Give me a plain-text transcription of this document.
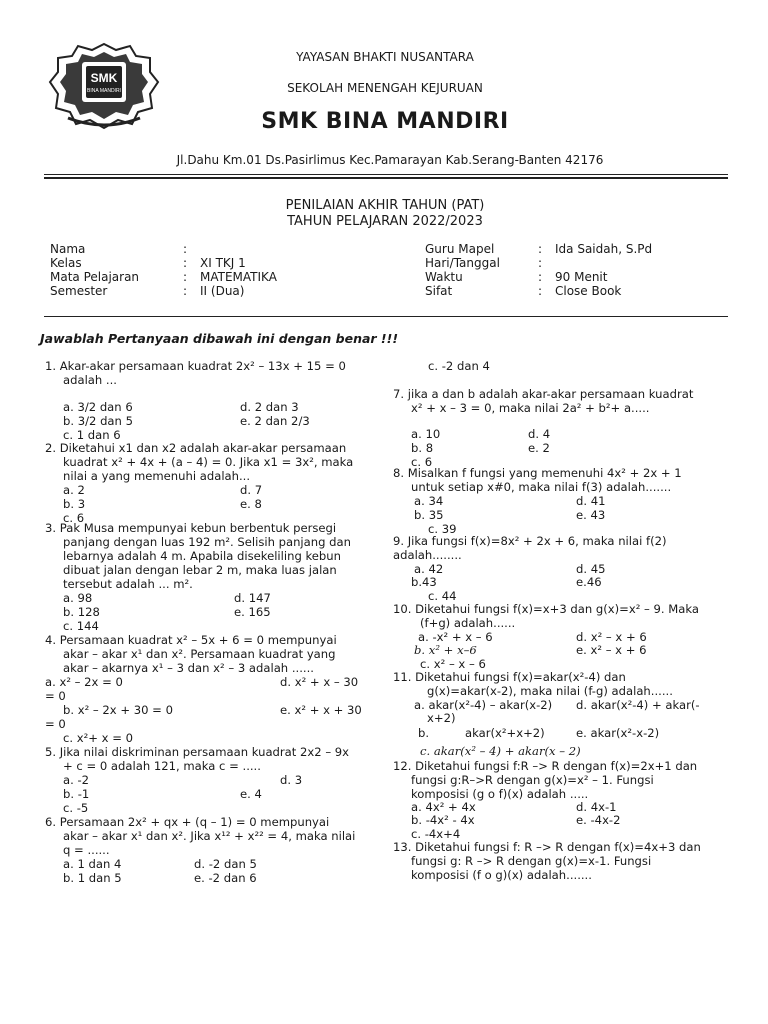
SMK
BINA MANDIRI
YAYASAN BHAKTI NUSANTARA
SEKOLAH MENENGAH KEJURUAN
SMK BINA MANDIRI
Jl.Dahu Km.01 Ds.Pasirlimus Kec.Pamarayan Kab.Serang-Banten 42176
PENILAIAN AKHIR TAHUN (PAT)
TAHUN PELAJARAN 2022/2023
Nama	:
Kelas	: XI TKJ 1
Mata Pelajaran	: MATEMATIKA
Semester	: II (Dua)
Guru Mapel	: Ida Saidah, S.Pd
Hari/Tanggal	:
Waktu	: 90 Menit
Sifat	: Close Book
Jawablah Pertanyaan dibawah ini dengan benar !!!
1. Akar-akar persamaan kuadrat 2x² – 13x + 15 = 0
adalah ...
a. 3/2 dan 6	d. 2 dan 3
b. 3/2 dan 5	e. 2 dan 2/3
c. 1 dan 6
2. Diketahui x1 dan x2 adalah akar-akar persamaan
kuadrat x² + 4x + (a – 4) = 0. Jika x1 = 3x², maka
nilai a yang memenuhi adalah...
a. 2	d. 7
b. 3	e. 8
c. 6
3. Pak Musa mempunyai kebun berbentuk persegi
panjang dengan luas 192 m². Selisih panjang dan
lebarnya adalah 4 m. Apabila disekeliling kebun
dibuat jalan dengan lebar 2 m, maka luas jalan
tersebut adalah ... m².
a. 98	d. 147
b. 128	e. 165
c. 144
4. Persamaan kuadrat x² – 5x + 6 = 0 mempunyai
akar – akar x¹ dan x². Persamaan kuadrat yang
akar – akarnya x¹ – 3 dan x² – 3 adalah ......
a. x² – 2x = 0	d. x² + x – 30
= 0
b. x² – 2x + 30 = 0	e. x² + x + 30
= 0
c. x²+ x = 0
5. Jika nilai diskriminan persamaan kuadrat 2x2 – 9x
+ c = 0 adalah 121, maka c = .....
a. -2	d. 3
b. -1	e. 4
c. -5
6. Persamaan 2x² + qx + (q – 1) = 0 mempunyai
akar – akar x¹ dan x². Jika x¹² + x²² = 4, maka nilai
q = ......
a. 1 dan 4	d. -2 dan 5
b. 1 dan 5	e. -2 dan 6
c. -2 dan 4
7. jika a dan b adalah akar-akar persamaan kuadrat
x² + x – 3 = 0, maka nilai 2a² + b²+ a.....
a. 10	d. 4
b. 8	e. 2
c. 6
8. Misalkan f fungsi yang memenuhi 4x² + 2x + 1
untuk setiap x#0, maka nilai f(3) adalah.......
a. 34	d. 41
b. 35	e. 43
c. 39
9. Jika fungsi f(x)=8x² + 2x + 6, maka nilai f(2)
adalah........
a. 42	d. 45
b.43	e.46
c. 44
10. Diketahui fungsi f(x)=x+3 dan g(x)=x² – 9. Maka
(f+g) adalah......
a. -x² + x – 6	d. x² – x + 6
b. x² + x–6	e. x² – x + 6
c. x² – x – 6
11. Diketahui fungsi f(x)=akar(x²-4) dan
g(x)=akar(x-2), maka nilai (f-g) adalah......
a. akar(x²-4) – akar(x-2) d. akar(x²-4) + akar(-
x+2)
b.	akar(x²+x+2)	e. akar(x²-x-2)
c. akar(x² – 4) + akar(x – 2)
12. Diketahui fungsi f:R –> R dengan f(x)=2x+1 dan
fungsi g:R–>R dengan g(x)=x² – 1. Fungsi
komposisi (g o f)(x) adalah .....
a. 4x² + 4x	d. 4x-1
b. -4x² - 4x	e. -4x-2
c. -4x+4
13. Diketahui fungsi f: R –> R dengan f(x)=4x+3 dan
fungsi g: R –> R dengan g(x)=x-1. Fungsi
komposisi (f o g)(x) adalah.......
